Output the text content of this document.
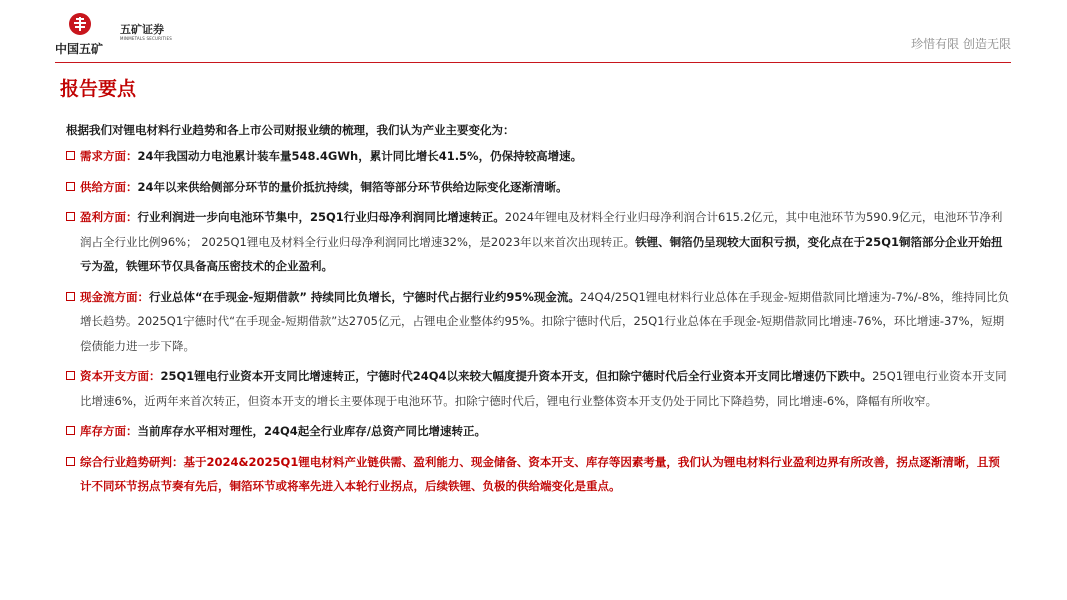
中国五矿
五矿证券
MINMETALS SECURITIES	珍惜有限 创造无限
报告要点
根据我们对锂电材料行业趋势和各上市公司财报业绩的梳理，我们认为产业主要变化为：
需求方面：24年我国动力电池累计装车量548.4GWh，累计同比增长41.5%，仍保持较高增速。
供给方面：24年以来供给侧部分环节的量价抵抗持续，铜箔等部分环节供给边际变化逐渐清晰。
盈利方面：行业利润进一步向电池环节集中，25Q1行业归母净利润同比增速转正。2024年锂电及材料全行业归母净利润合计615.2亿元，其中电池环节为590.9亿元，电池环节净利润占全行业比例96%； 2025Q1锂电及材料全行业归母净利润同比增速32%，是2023年以来首次出现转正。铁锂、铜箔仍呈现较大面积亏损，变化点在于25Q1铜箔部分企业开始扭亏为盈，铁锂环节仅具备高压密技术的企业盈利。
现金流方面：行业总体“在手现金-短期借款” 持续同比负增长，宁德时代占据行业约95%现金流。24Q4/25Q1锂电材料行业总体在手现金-短期借款同比增速为-7%/-8%，维持同比负增长趋势。2025Q1宁德时代“在手现金-短期借款”达2705亿元，占锂电企业整体约95%。扣除宁德时代后，25Q1行业总体在手现金-短期借款同比增速-76%，环比增速-37%，短期偿债能力进一步下降。
资本开支方面：25Q1锂电行业资本开支同比增速转正，宁德时代24Q4以来较大幅度提升资本开支，但扣除宁德时代后全行业资本开支同比增速仍下跌中。25Q1锂电行业资本开支同比增速6%，近两年来首次转正，但资本开支的增长主要体现于电池环节。扣除宁德时代后，锂电行业整体资本开支仍处于同比下降趋势，同比增速-6%，降幅有所收窄。
库存方面：当前库存水平相对理性，24Q4起全行业库存/总资产同比增速转正。
综合行业趋势研判：基于2024&2025Q1锂电材料产业链供需、盈利能力、现金储备、资本开支、库存等因素考量，我们认为锂电材料行业盈利边界有所改善，拐点逐渐清晰，且预计不同环节拐点节奏有先后，铜箔环节或将率先进入本轮行业拐点，后续铁锂、负极的供给端变化是重点。
